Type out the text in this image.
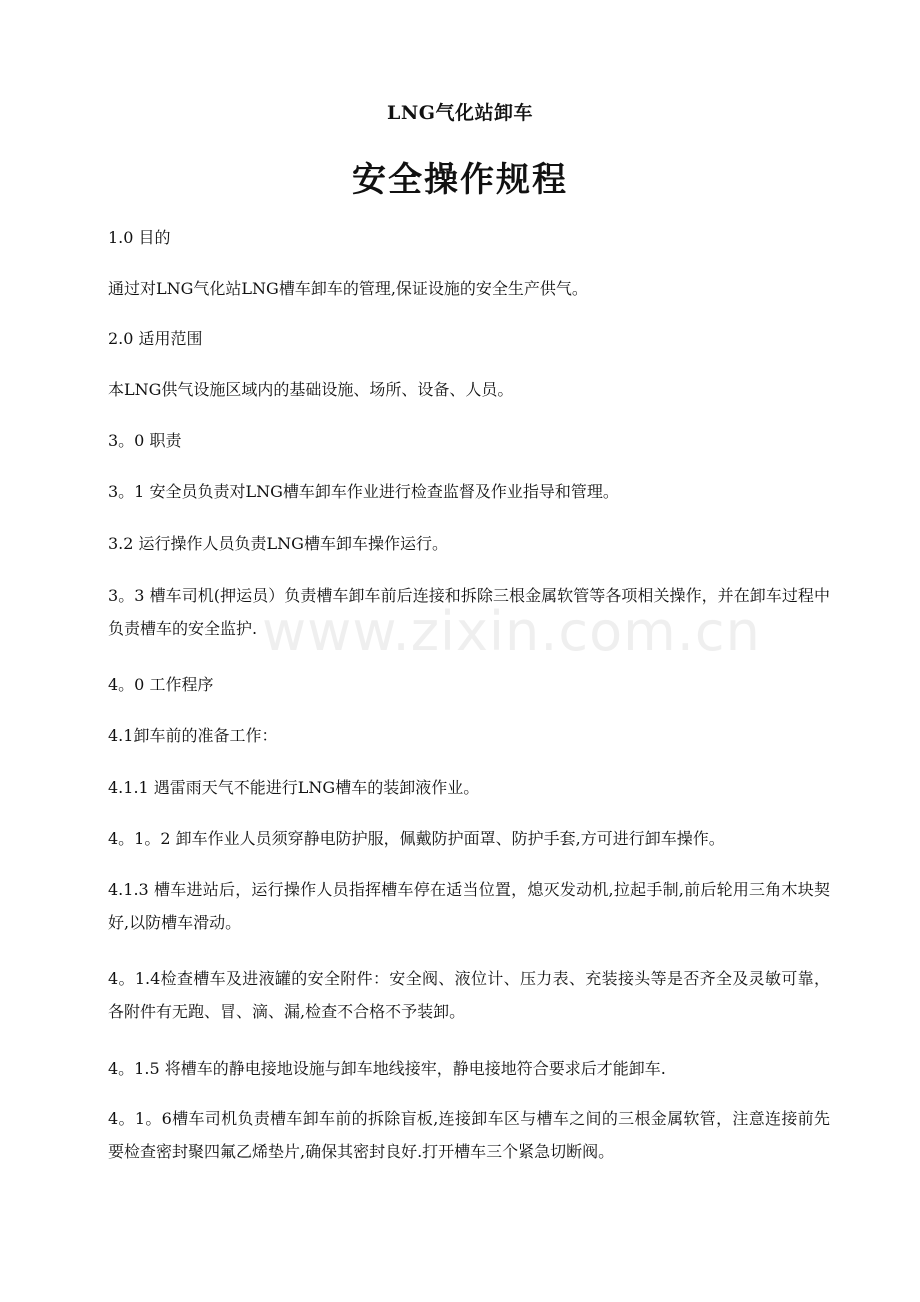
LNG气化站卸车
安全操作规程
1.0 目的
通过对LNG气化站LNG槽车卸车的管理,保证设施的安全生产供气。
2.0 适用范围
本LNG供气设施区域内的基础设施、场所、设备、人员。
3。0 职责
3。1 安全员负责对LNG槽车卸车作业进行检查监督及作业指导和管理。
3.2 运行操作人员负责LNG槽车卸车操作运行。
3。3 槽车司机(押运员）负责槽车卸车前后连接和拆除三根金属软管等各项相关操作，并在卸车过程中负责槽车的安全监护.
4。0 工作程序
4.1卸车前的准备工作：
4.1.1 遇雷雨天气不能进行LNG槽车的装卸液作业。
4。1。2 卸车作业人员须穿静电防护服，佩戴防护面罩、防护手套,方可进行卸车操作。
4.1.3 槽车进站后，运行操作人员指挥槽车停在适当位置，熄灭发动机,拉起手制,前后轮用三角木块契好,以防槽车滑动。
4。1.4检查槽车及进液罐的安全附件：安全阀、液位计、压力表、充装接头等是否齐全及灵敏可靠，各附件有无跑、冒、滴、漏,检查不合格不予装卸。
4。1.5 将槽车的静电接地设施与卸车地线接牢，静电接地符合要求后才能卸车.
4。1。6槽车司机负责槽车卸车前的拆除盲板,连接卸车区与槽车之间的三根金属软管，注意连接前先要检查密封聚四氟乙烯垫片,确保其密封良好.打开槽车三个紧急切断阀。
www.zixin.com.cn
